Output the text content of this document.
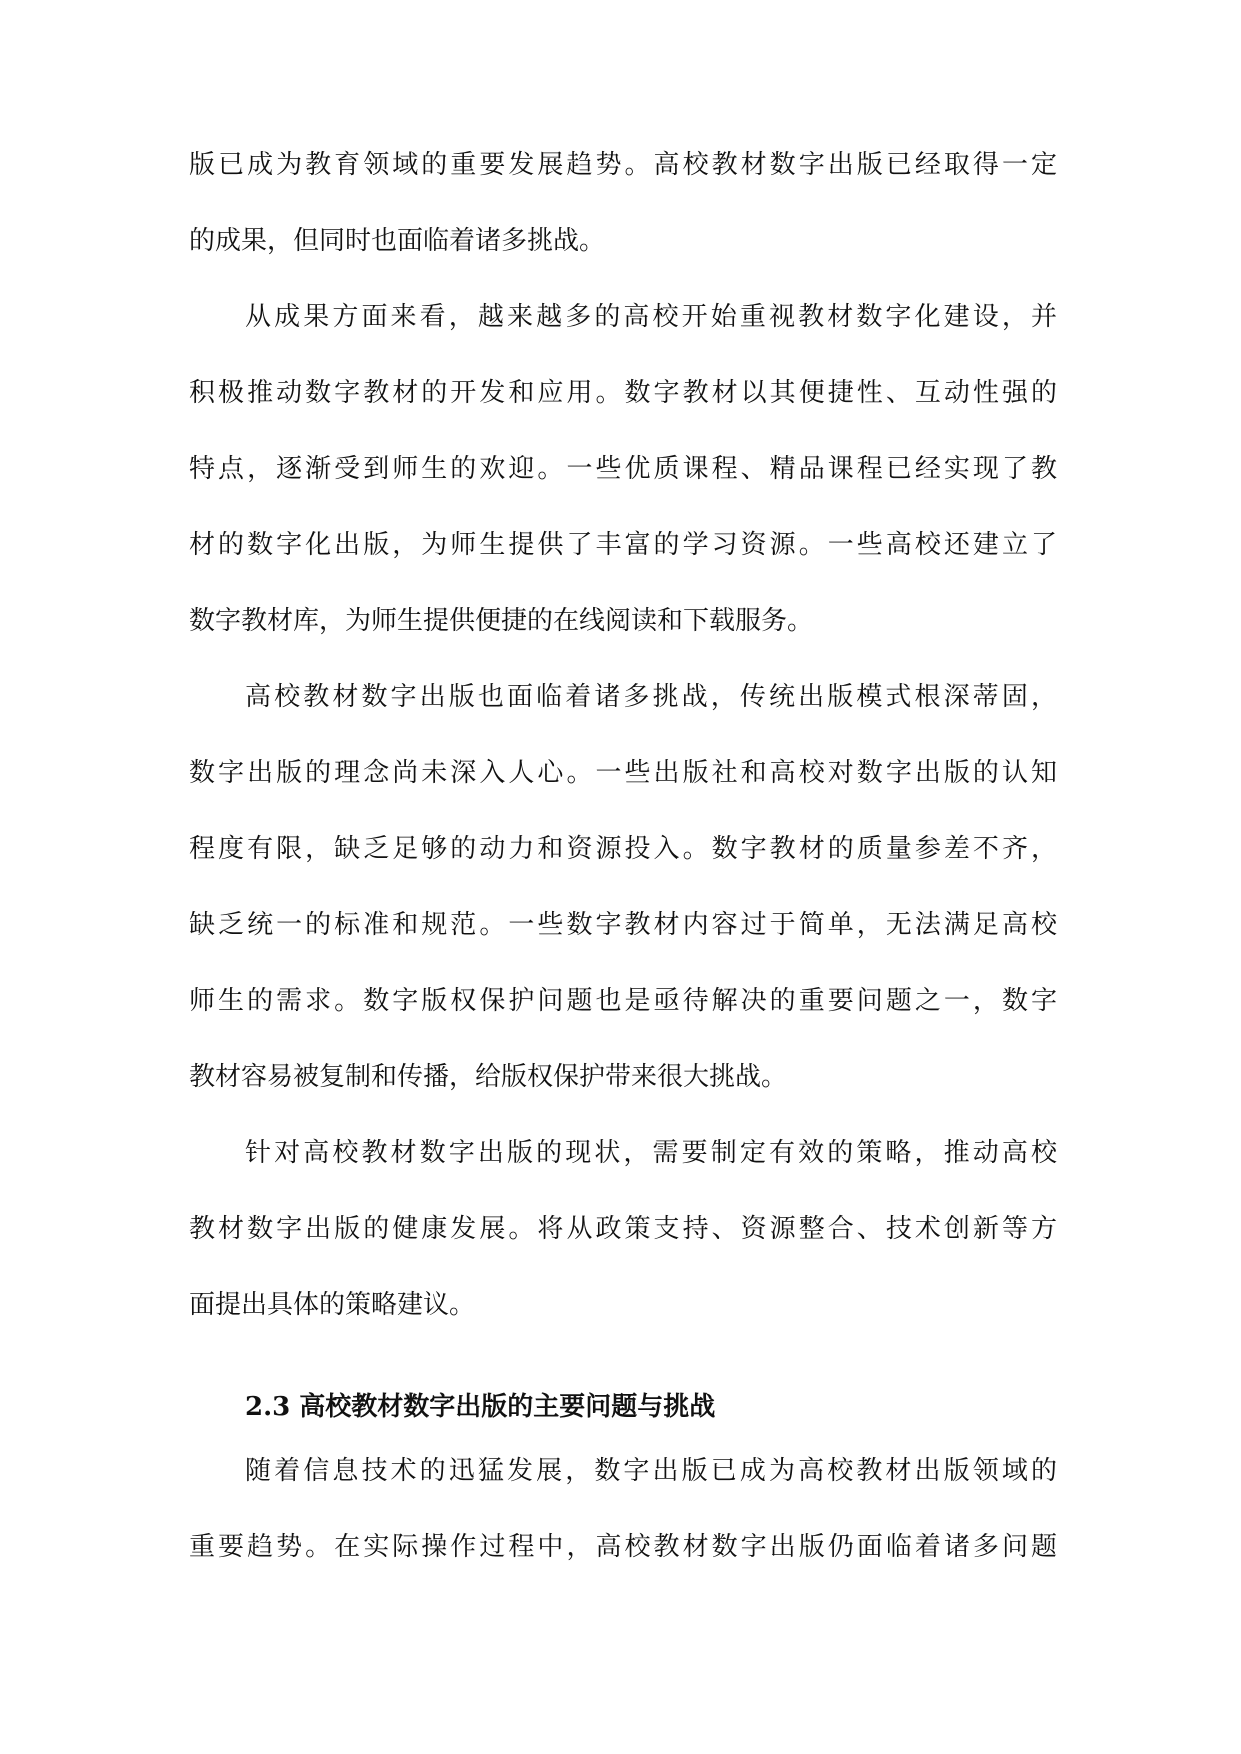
版已成为教育领域的重要发展趋势。高校教材数字出版已经取得一定
的成果，但同时也面临着诸多挑战。
从成果方面来看，越来越多的高校开始重视教材数字化建设，并
积极推动数字教材的开发和应用。数字教材以其便捷性、互动性强的
特点，逐渐受到师生的欢迎。一些优质课程、精品课程已经实现了教
材的数字化出版，为师生提供了丰富的学习资源。一些高校还建立了
数字教材库，为师生提供便捷的在线阅读和下载服务。
高校教材数字出版也面临着诸多挑战，传统出版模式根深蒂固，
数字出版的理念尚未深入人心。一些出版社和高校对数字出版的认知
程度有限，缺乏足够的动力和资源投入。数字教材的质量参差不齐，
缺乏统一的标准和规范。一些数字教材内容过于简单，无法满足高校
师生的需求。数字版权保护问题也是亟待解决的重要问题之一，数字
教材容易被复制和传播，给版权保护带来很大挑战。
针对高校教材数字出版的现状，需要制定有效的策略，推动高校
教材数字出版的健康发展。将从政策支持、资源整合、技术创新等方
面提出具体的策略建议。
2.3 高校教材数字出版的主要问题与挑战
随着信息技术的迅猛发展，数字出版已成为高校教材出版领域的
重要趋势。在实际操作过程中，高校教材数字出版仍面临着诸多问题
